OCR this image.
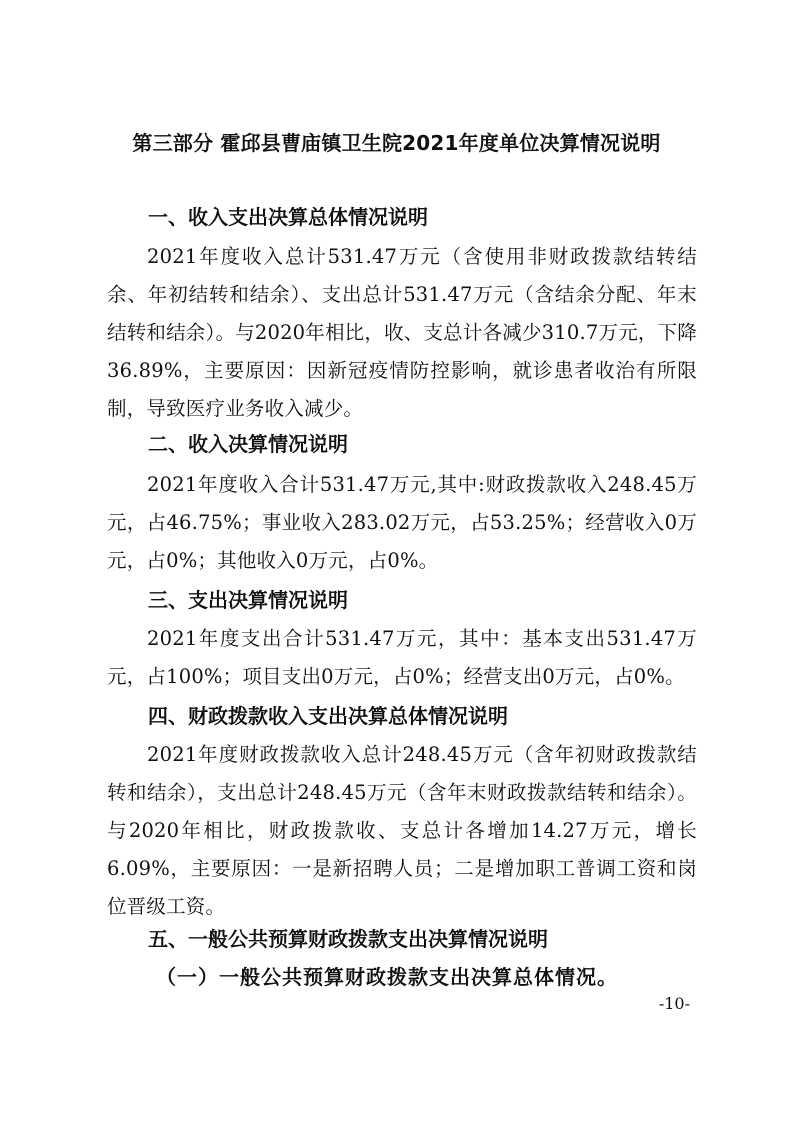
第三部分 霍邱县曹庙镇卫生院2021年度单位决算情况说明
一、收入支出决算总体情况说明

2021年度收入总计531.47万元（含使用非财政拨款结转结余、年初结转和结余）、支出总计531.47万元（含结余分配、年末结转和结余）。与2020年相比，收、支总计各减少310.7万元，下降36.89%，主要原因：因新冠疫情防控影响，就诊患者收治有所限制，导致医疗业务收入减少。

二、收入决算情况说明

2021年度收入合计531.47万元,其中:财政拨款收入248.45万元，占46.75%；事业收入283.02万元，占53.25%；经营收入0万元，占0%；其他收入0万元，占0%。

三、支出决算情况说明

2021年度支出合计531.47万元，其中：基本支出531.47万元，占100%；项目支出0万元，占0%；经营支出0万元，占0%。

四、财政拨款收入支出决算总体情况说明

2021年度财政拨款收入总计248.45万元（含年初财政拨款结转和结余），支出总计248.45万元（含年末财政拨款结转和结余）。与2020年相比，财政拨款收、支总计各增加14.27万元，增长6.09%，主要原因：一是新招聘人员；二是增加职工普调工资和岗位晋级工资。

五、一般公共预算财政拨款支出决算情况说明
（一）一般公共预算财政拨款支出决算总体情况。
-10-
